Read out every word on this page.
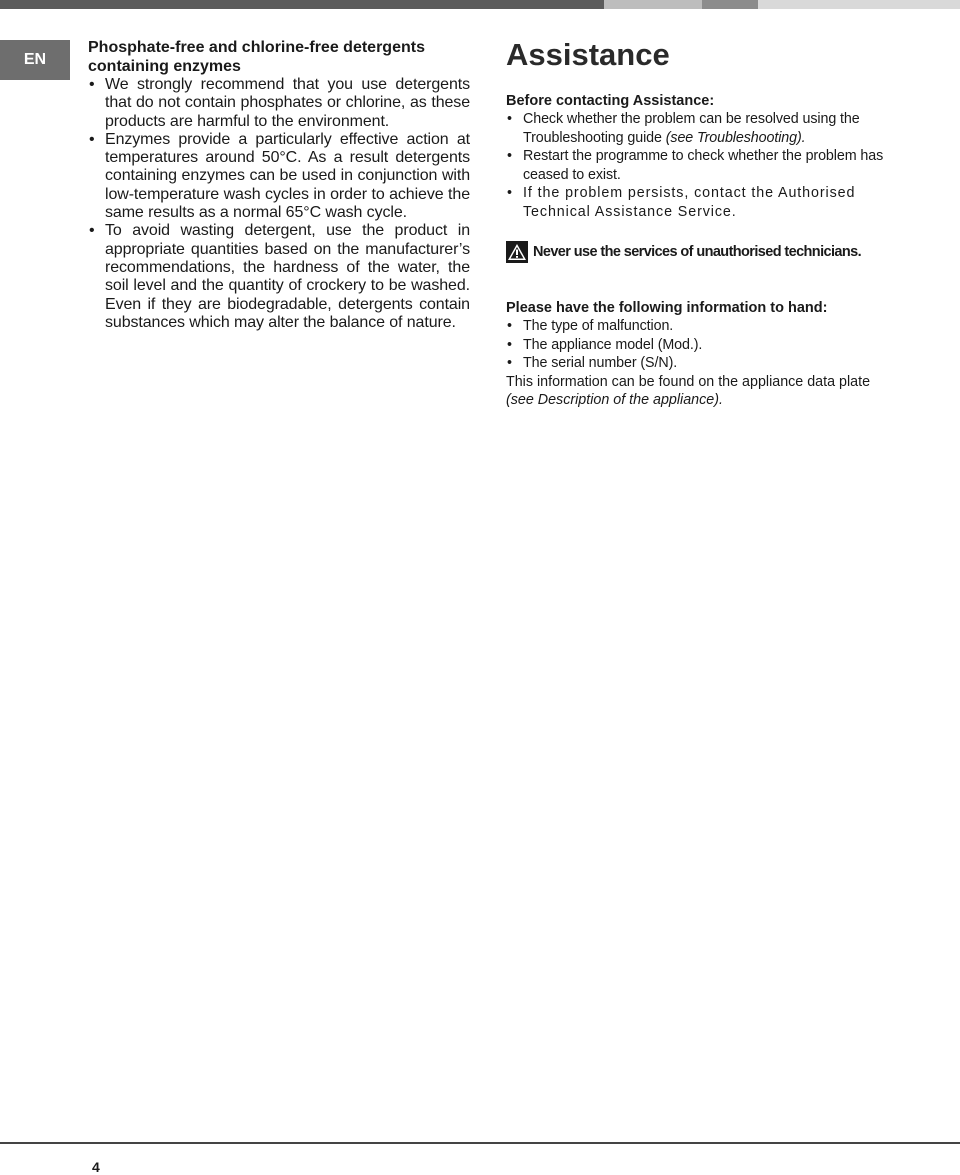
EN
Phosphate-free and chlorine-free detergents containing enzymes
• We strongly recommend that you use detergents that do not contain phosphates or chlorine, as these products are harmful to the environment.
• Enzymes provide a particularly effective action at temperatures around 50°C. As a result detergents containing enzymes can be used in conjunction with low-temperature wash cycles in order to achieve the same results as a normal 65°C wash cycle.
• To avoid wasting detergent, use the product in appropriate quantities based on the manufacturer’s recommendations, the hardness of the water, the soil level and the quantity of crockery to be washed. Even if they are biodegradable, detergents contain substances which may alter the balance of nature.
Assistance
Before contacting Assistance:
• Check whether the problem can be resolved using the Troubleshooting guide (see Troubleshooting).
• Restart the programme to check whether the problem has ceased to exist.
• If the problem persists, contact the Authorised Technical Assistance Service.
Never use the services of unauthorised technicians.
Please have the following information to hand:
• The type of malfunction.
• The appliance model (Mod.).
• The serial number (S/N).

This information can be found on the appliance data plate (see Description of the appliance).

4
